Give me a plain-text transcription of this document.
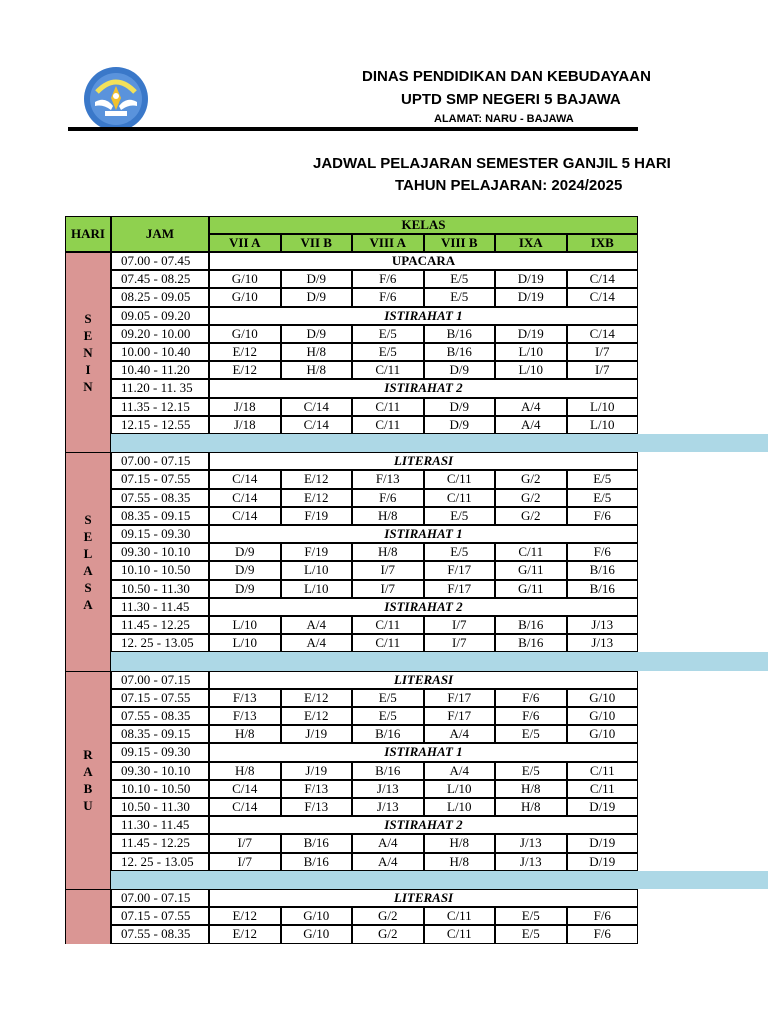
DINAS PENDIDIKAN DAN KEBUDAYAAN
UPTD SMP NEGERI 5 BAJAWA
ALAMAT: NARU - BAJAWA
JADWAL PELAJARAN SEMESTER GANJIL 5 HARI
TAHUN PELAJARAN: 2024/2025
HARI	JAM
KELAS
VII A	VII B	VIII A	VIII B	IXA	IXB
S
E
N
I
N
07.00 - 07.45	UPACARA
07.45 - 08.25	G/10	D/9	F/6	E/5	D/19	C/14
08.25 - 09.05	G/10	D/9	F/6	E/5	D/19	C/14
09.05 - 09.20	ISTIRAHAT 1
09.20 - 10.00	G/10	D/9	E/5	B/16	D/19	C/14
10.00 - 10.40	E/12	H/8	E/5	B/16	L/10	I/7
10.40 - 11.20	E/12	H/8	C/11	D/9	L/10	I/7
11.20 - 11. 35	ISTIRAHAT 2
11.35 - 12.15	J/18	C/14	C/11	D/9	A/4	L/10
12.15 - 12.55	J/18	C/14	C/11	D/9	A/4	L/10
S
E
L
A
S
A
07.00 - 07.15	LITERASI
07.15 - 07.55	C/14	E/12	F/13	C/11	G/2	E/5
07.55 - 08.35	C/14	E/12	F/6	C/11	G/2	E/5
08.35 - 09.15	C/14	F/19	H/8	E/5	G/2	F/6
09.15 - 09.30	ISTIRAHAT 1
09.30 - 10.10	D/9	F/19	H/8	E/5	C/11	F/6
10.10 - 10.50	D/9	L/10	I/7	F/17	G/11	B/16
10.50 - 11.30	D/9	L/10	I/7	F/17	G/11	B/16
11.30 - 11.45	ISTIRAHAT 2
11.45 - 12.25	L/10	A/4	C/11	I/7	B/16	J/13
12. 25 - 13.05	L/10	A/4	C/11	I/7	B/16	J/13
R
A
B
U
07.00 - 07.15	LITERASI
07.15 - 07.55	F/13	E/12	E/5	F/17	F/6	G/10
07.55 - 08.35	F/13	E/12	E/5	F/17	F/6	G/10
08.35 - 09.15	H/8	J/19	B/16	A/4	E/5	G/10
09.15 - 09.30	ISTIRAHAT 1
09.30 - 10.10	H/8	J/19	B/16	A/4	E/5	C/11
10.10 - 10.50	C/14	F/13	J/13	L/10	H/8	C/11
10.50 - 11.30	C/14	F/13	J/13	L/10	H/8	D/19
11.30 - 11.45	ISTIRAHAT 2
11.45 - 12.25	I/7	B/16	A/4	H/8	J/13	D/19
12. 25 - 13.05	I/7	B/16	A/4	H/8	J/13	D/19
07.00 - 07.15	LITERASI
07.15 - 07.55	E/12	G/10	G/2	C/11	E/5	F/6
07.55 - 08.35	E/12	G/10	G/2	C/11	E/5	F/6
